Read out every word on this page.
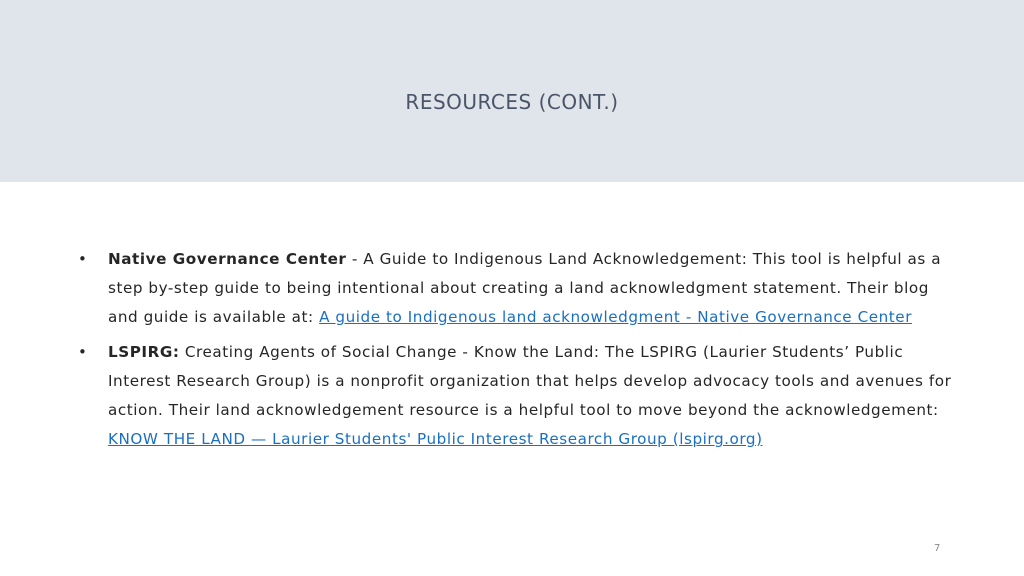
RESOURCES (CONT.)
• Native Governance Center - A Guide to Indigenous Land Acknowledgement: This tool is helpful as a step by-step guide to being intentional about creating a land acknowledgment statement. Their blog and guide is available at: A guide to Indigenous land acknowledgment - Native Governance Center
• LSPIRG: Creating Agents of Social Change - Know the Land: The LSPIRG (Laurier Students’ Public Interest Research Group) is a nonprofit organization that helps develop advocacy tools and avenues for action. Their land acknowledgement resource is a helpful tool to move beyond the acknowledgement: KNOW THE LAND — Laurier Students' Public Interest Research Group (lspirg.org)
7
